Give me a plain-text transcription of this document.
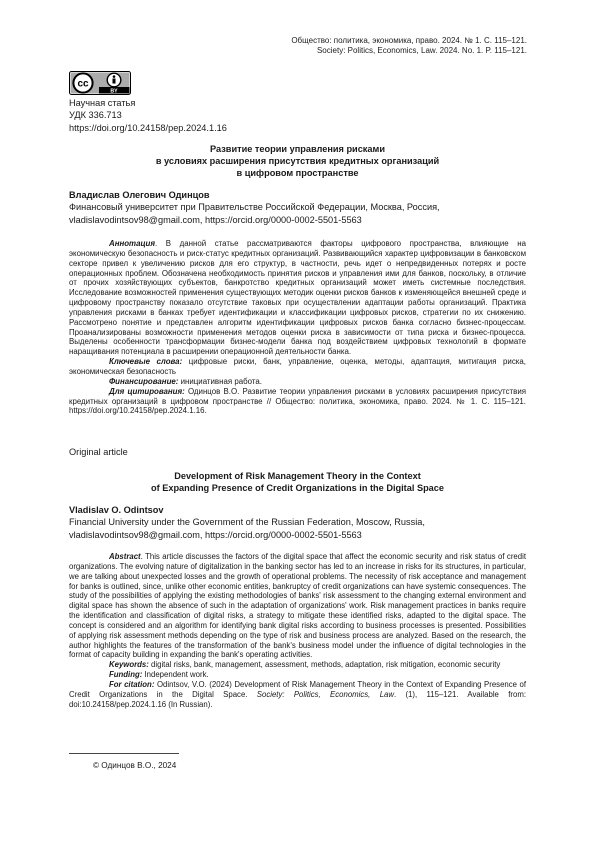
Общество: политика, экономика, право. 2024. № 1. С. 115–121.
Society: Politics, Economics, Law. 2024. No. 1. P. 115–121.
cc
BY
Научная статья
УДК 336.713
https://doi.org/10.24158/pep.2024.1.16
Развитие теории управления рисками
в условиях расширения присутствия кредитных организаций
в цифровом пространстве
Владислав Олегович Одинцов
Финансовый университет при Правительстве Российской Федерации, Москва, Россия,
vladislavodintsov98@gmail.com, https://orcid.org/0000-0002-5501-5563

Аннотация. В данной статье рассматриваются факторы цифрового пространства, влияющие на экономическую безопасность и риск-статус кредитных организаций. Развивающийся характер цифровизации в банковском секторе привел к увеличению рисков для его структур, в частности, речь идет о непредвиденных потерях и росте операционных проблем. Обозначена необходимость принятия рисков и управления ими для банков, поскольку, в отличие от прочих хозяйствующих субъектов, банкротство кредитных организаций может иметь системные последствия. Исследование возможностей применения существующих методик оценки рисков банков к изменяющейся внешней среде и цифровому пространству показало отсутствие таковых при осуществлении адаптации работы организаций. Практика управления рисками в банках требует идентификации и классификации цифровых рисков, стратегии по их снижению. Рассмотрено понятие и представлен алгоритм идентификации цифровых рисков банка согласно бизнес-процессам. Проанализированы возможности применения методов оценки риска в зависимости от типа риска и бизнес-процесса. Выделены особенности трансформации бизнес-модели банка под воздействием цифровых технологий в формате наращивания потенциала в расширении операционной деятельности банка.

Ключевые слова: цифровые риски, банк, управление, оценка, методы, адаптация, митигация риска, экономическая безопасность

Финансирование: инициативная работа.

Для цитирования: Одинцов В.О. Развитие теории управления рисками в условиях расширения присутствия кредитных организаций в цифровом пространстве // Общество: политика, экономика, право. 2024. № 1. С. 115–121. https://doi.org/10.24158/pep.2024.1.16.

Original article
Development of Risk Management Theory in the Context
of Expanding Presence of Credit Organizations in the Digital Space
Vladislav O. Odintsov
Financial University under the Government of the Russian Federation, Moscow, Russia,
vladislavodintsov98@gmail.com, https://orcid.org/0000-0002-5501-5563

Abstract. This article discusses the factors of the digital space that affect the economic security and risk status of credit organizations. The evolving nature of digitalization in the banking sector has led to an increase in risks for its structures, in particular, we are talking about unexpected losses and the growth of operational problems. The necessity of risk acceptance and management for banks is outlined, since, unlike other economic entities, bankruptcy of credit organizations can have systemic consequences. The study of the possibilities of applying the existing methodologies of banks' risk assessment to the changing external environment and digital space has shown the absence of such in the adaptation of organizations' work. Risk management practices in banks require the identification and classification of digital risks, a strategy to mitigate these identified risks, adapted to the digital space. The concept is considered and an algorithm for identifying bank digital risks according to business processes is presented. Possibilities of applying risk assessment methods depending on the type of risk and business process are analyzed. Based on the research, the author highlights the features of the transformation of the bank's business model under the influence of digital technologies in the format of capacity building in expanding the bank's operating activities.

Keywords: digital risks, bank, management, assessment, methods, adaptation, risk mitigation, economic security

Funding: Independent work.

For citation: Odintsov, V.O. (2024) Development of Risk Management Theory in the Context of Expanding Presence of Credit Organizations in the Digital Space. Society: Politics, Economics, Law. (1), 115–121. Available from: doi:10.24158/pep.2024.1.16 (In Russian).

© Одинцов В.О., 2024
